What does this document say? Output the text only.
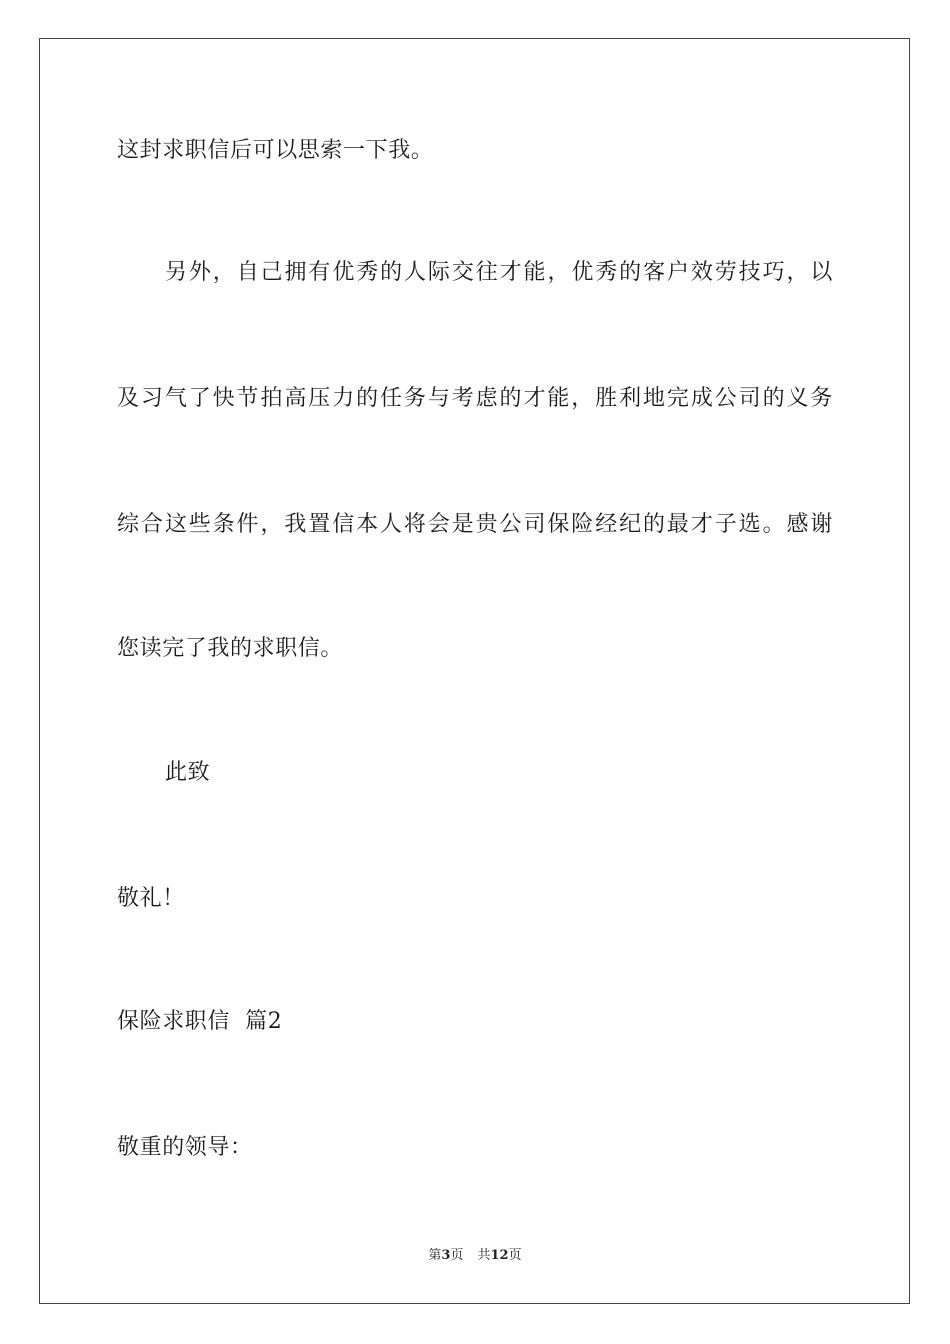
这封求职信后可以思索一下我。
另外，自己拥有优秀的人际交往才能，优秀的客户效劳技巧，以
及习气了快节拍高压力的任务与考虑的才能，胜利地完成公司的义务
综合这些条件，我置信本人将会是贵公司保险经纪的最才子选。感谢
您读完了我的求职信。
此致
敬礼！
保险求职信  篇2
敬重的领导：
第3页 共12页
